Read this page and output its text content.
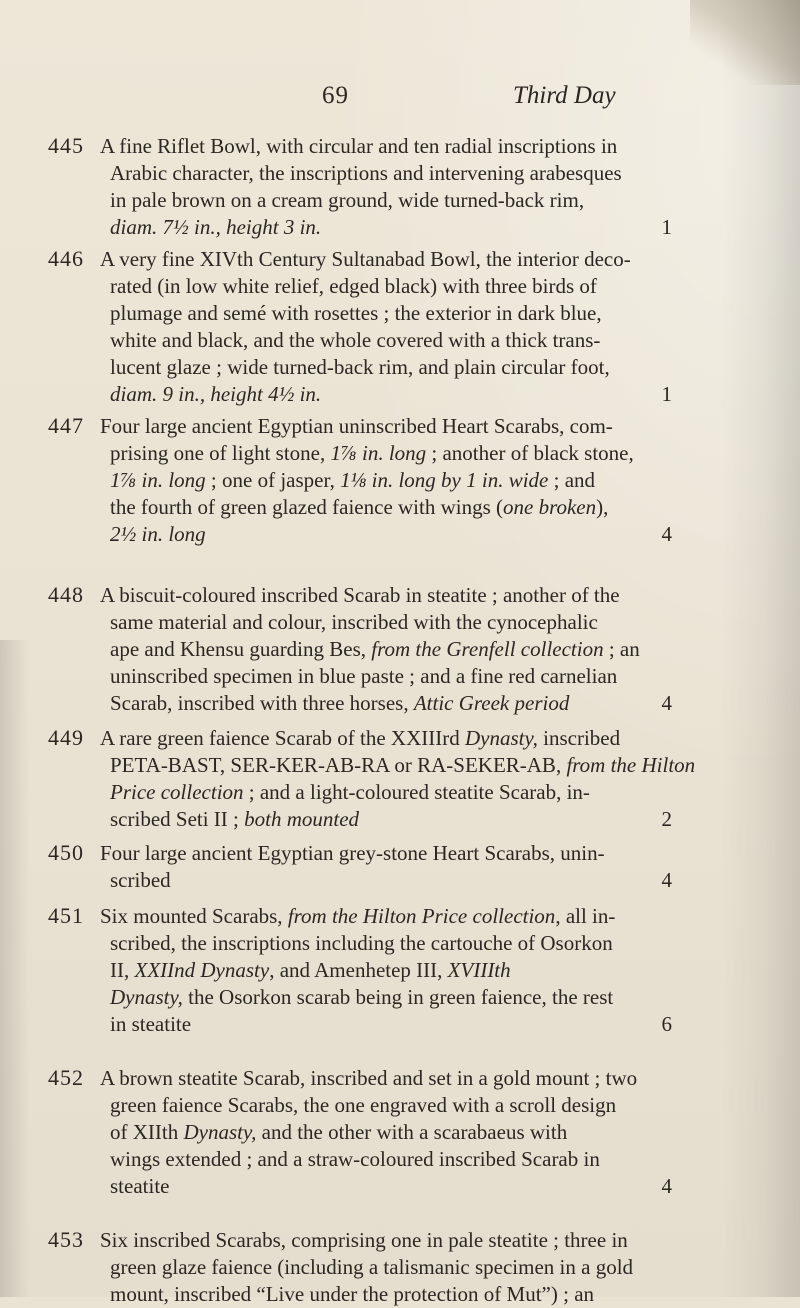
69	Third Day
445 A fine Riflet Bowl, with circular and ten radial inscriptions in
Arabic character, the inscriptions and intervening arabesques
in pale brown on a cream ground, wide turned-back rim,
diam. 7½ in., height 3 in.	1
446 A very fine XIVth Century Sultanabad Bowl, the interior deco-
rated (in low white relief, edged black) with three birds of
plumage and semé with rosettes ; the exterior in dark blue,
white and black, and the whole covered with a thick trans-
lucent glaze ; wide turned-back rim, and plain circular foot,
diam. 9 in., height 4½ in.	1
447 Four large ancient Egyptian uninscribed Heart Scarabs, com-
prising one of light stone, 1⅞ in. long ; another of black stone,
1⅞ in. long ; one of jasper, 1⅛ in. long by 1 in. wide ; and
the fourth of green glazed faience with wings (one broken),
2½ in. long	4
448 A biscuit-coloured inscribed Scarab in steatite ; another of the
same material and colour, inscribed with the cynocephalic
ape and Khensu guarding Bes, from the Grenfell collection ; an
uninscribed specimen in blue paste ; and a fine red carnelian
Scarab, inscribed with three horses, Attic Greek period	4
449 A rare green faience Scarab of the XXIIIrd Dynasty, inscribed
PETA-BAST, SER-KER-AB-RA or RA-SEKER-AB, from the Hilton
Price collection ; and a light-coloured steatite Scarab, in-
scribed Seti II ; both mounted	2
450 Four large ancient Egyptian grey-stone Heart Scarabs, unin-
scribed	4
451 Six mounted Scarabs, from the Hilton Price collection, all in-
scribed, the inscriptions including the cartouche of Osorkon
II, XXIInd Dynasty, and Amenhetep III, XVIIIth
Dynasty, the Osorkon scarab being in green faience, the rest
in steatite	6
452 A brown steatite Scarab, inscribed and set in a gold mount ; two
green faience Scarabs, the one engraved with a scroll design
of XIIth Dynasty, and the other with a scarabaeus with
wings extended ; and a straw-coloured inscribed Scarab in
steatite	4
453 Six inscribed Scarabs, comprising one in pale steatite ; three in
green glaze faience (including a talismanic specimen in a gold
mount, inscribed “Live under the protection of Mut”) ; an
